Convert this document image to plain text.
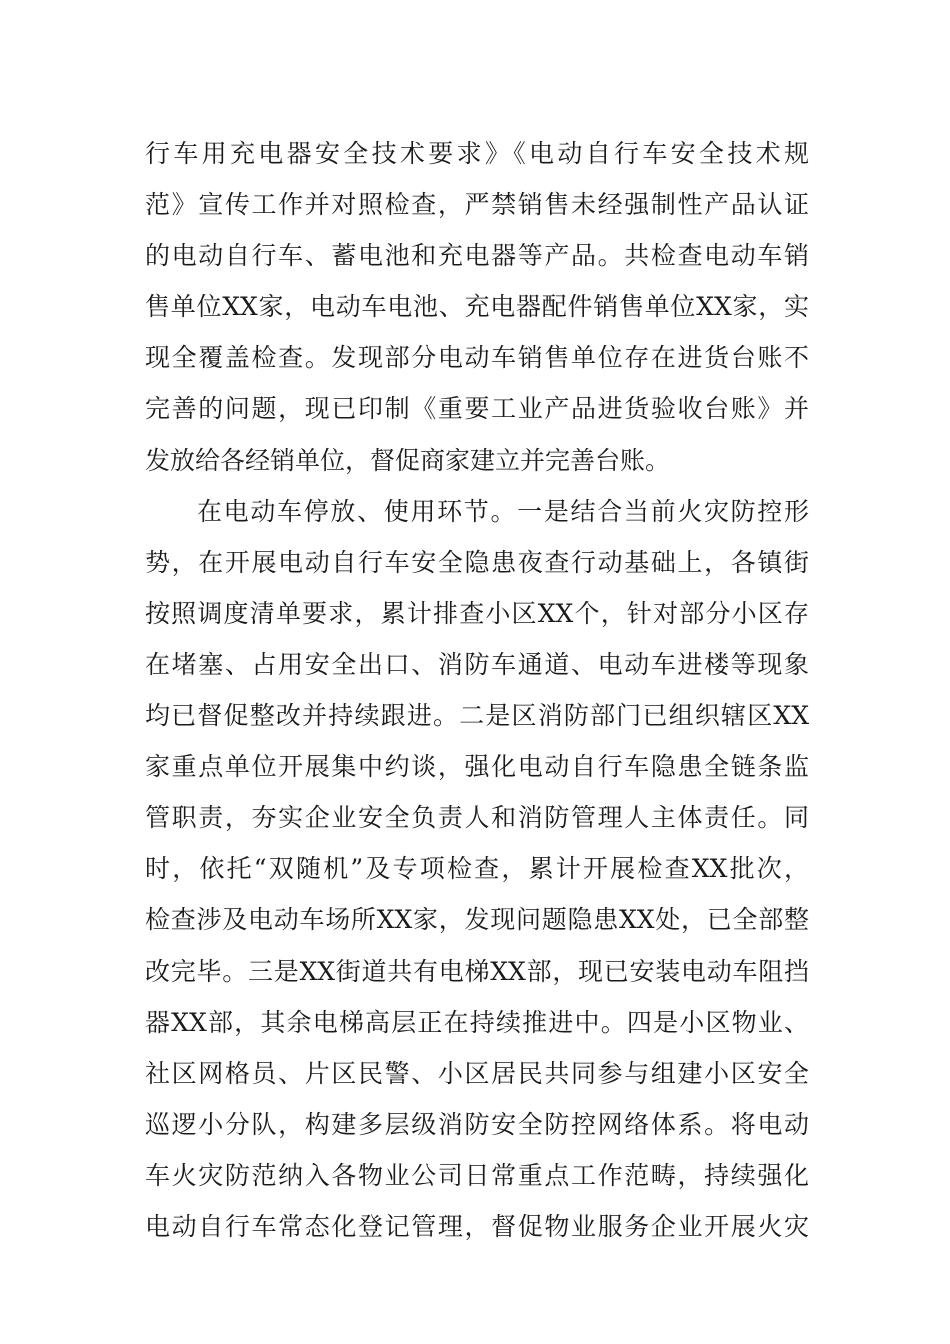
行车用充电器安全技术要求》《电动自行车安全技术规
范》宣传工作并对照检查，严禁销售未经强制性产品认证
的电动自行车、蓄电池和充电器等产品。共检查电动车销
售单位XX家，电动车电池、充电器配件销售单位XX家，实
现全覆盖检查。发现部分电动车销售单位存在进货台账不
完善的问题，现已印制《重要工业产品进货验收台账》并
发放给各经销单位，督促商家建立并完善台账。
在电动车停放、使用环节。一是结合当前火灾防控形
势，在开展电动自行车安全隐患夜查行动基础上，各镇街
按照调度清单要求，累计排查小区XX个，针对部分小区存
在堵塞、占用安全出口、消防车通道、电动车进楼等现象
均已督促整改并持续跟进。二是区消防部门已组织辖区XX
家重点单位开展集中约谈，强化电动自行车隐患全链条监
管职责，夯实企业安全负责人和消防管理人主体责任。同
时，依托“双随机”及专项检查，累计开展检查XX批次，
检查涉及电动车场所XX家，发现问题隐患XX处，已全部整
改完毕。三是XX街道共有电梯XX部，现已安装电动车阻挡
器XX部，其余电梯高层正在持续推进中。四是小区物业、
社区网格员、片区民警、小区居民共同参与组建小区安全
巡逻小分队，构建多层级消防安全防控网络体系。将电动
车火灾防范纳入各物业公司日常重点工作范畴，持续强化
电动自行车常态化登记管理，督促物业服务企业开展火灾
